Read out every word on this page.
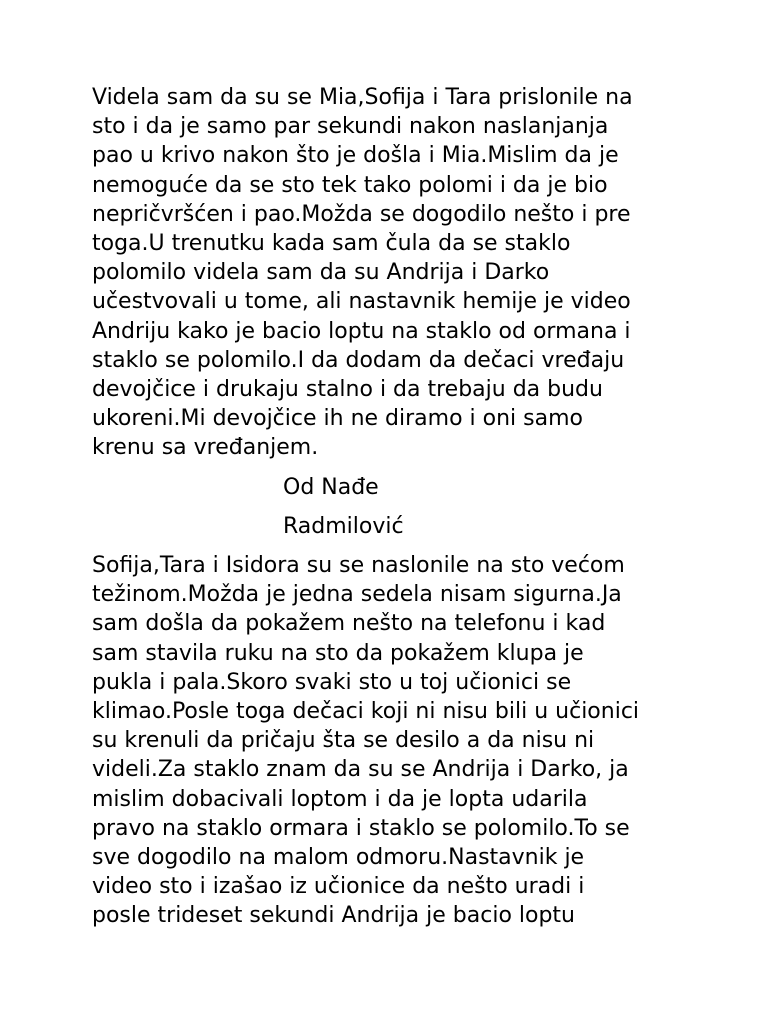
Videla sam da su se Mia,Sofija i Tara prislonile na
sto i da je samo par sekundi nakon naslanjanja
pao u krivo nakon što je došla i Mia.Mislim da je
nemoguće da se sto tek tako polomi i da je bio
nepričvršćen i pao.Možda se dogodilo nešto i pre
toga.U trenutku kada sam čula da se staklo
polomilo videla sam da su Andrija i Darko
učestvovali u tome, ali nastavnik hemije je video
Andriju kako je bacio loptu na staklo od ormana i
staklo se polomilo.I da dodam da dečaci vređaju
devojčice i drukaju stalno i da trebaju da budu
ukoreni.Mi devojčice ih ne diramo i oni samo
krenu sa vređanjem.
Od Nađe
Radmilović
Sofija,Tara i Isidora su se naslonile na sto većom
težinom.Možda je jedna sedela nisam sigurna.Ja
sam došla da pokažem nešto na telefonu i kad
sam stavila ruku na sto da pokažem klupa je
pukla i pala.Skoro svaki sto u toj učionici se
klimao.Posle toga dečaci koji ni nisu bili u učionici
su krenuli da pričaju šta se desilo a da nisu ni
videli.Za staklo znam da su se Andrija i Darko, ja
mislim dobacivali loptom i da je lopta udarila
pravo na staklo ormara i staklo se polomilo.To se
sve dogodilo na malom odmoru.Nastavnik je
video sto i izašao iz učionice da nešto uradi i
posle trideset sekundi Andrija je bacio loptu
